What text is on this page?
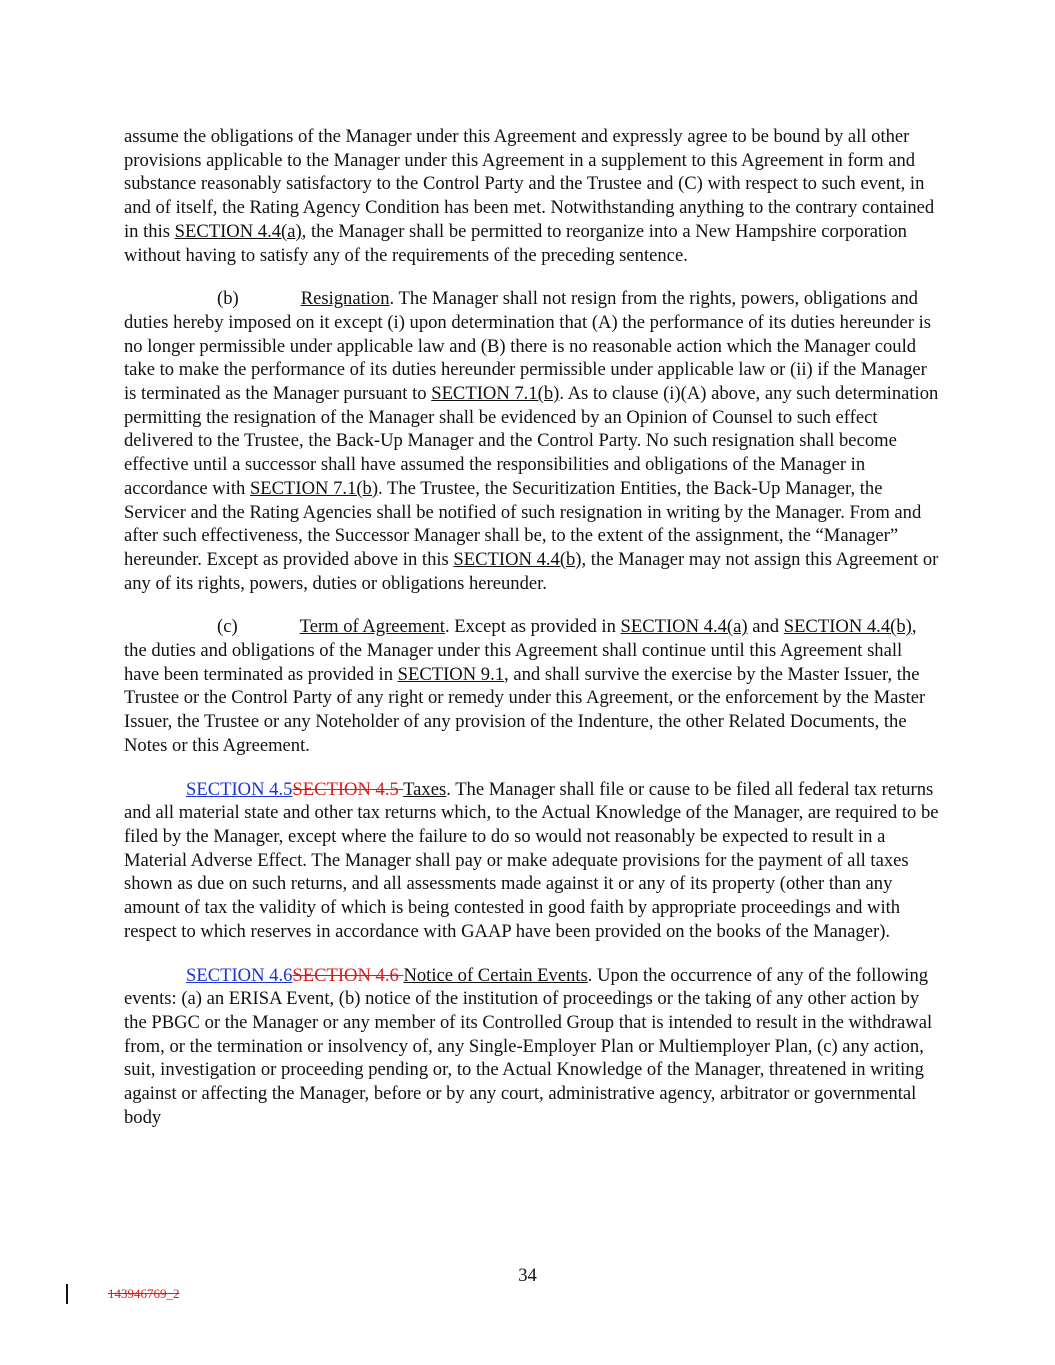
assume the obligations of the Manager under this Agreement and expressly agree to be bound by all other provisions applicable to the Manager under this Agreement in a supplement to this Agreement in form and substance reasonably satisfactory to the Control Party and the Trustee and (C) with respect to such event, in and of itself, the Rating Agency Condition has been met. Notwithstanding anything to the contrary contained in this SECTION 4.4(a), the Manager shall be permitted to reorganize into a New Hampshire corporation without having to satisfy any of the requirements of the preceding sentence.

(b)	Resignation. The Manager shall not resign from the rights, powers, obligations and duties hereby imposed on it except (i) upon determination that (A) the performance of its duties hereunder is no longer permissible under applicable law and (B) there is no reasonable action which the Manager could take to make the performance of its duties hereunder permissible under applicable law or (ii) if the Manager is terminated as the Manager pursuant to SECTION 7.1(b). As to clause (i)(A) above, any such determination permitting the resignation of the Manager shall be evidenced by an Opinion of Counsel to such effect delivered to the Trustee, the Back-Up Manager and the Control Party. No such resignation shall become effective until a successor shall have assumed the responsibilities and obligations of the Manager in accordance with SECTION 7.1(b). The Trustee, the Securitization Entities, the Back-Up Manager, the Servicer and the Rating Agencies shall be notified of such resignation in writing by the Manager. From and after such effectiveness, the Successor Manager shall be, to the extent of the assignment, the “Manager” hereunder. Except as provided above in this SECTION 4.4(b), the Manager may not assign this Agreement or any of its rights, powers, duties or obligations hereunder.

(c)	Term of Agreement. Except as provided in SECTION 4.4(a) and SECTION 4.4(b), the duties and obligations of the Manager under this Agreement shall continue until this Agreement shall have been terminated as provided in SECTION 9.1, and shall survive the exercise by the Master Issuer, the Trustee or the Control Party of any right or remedy under this Agreement, or the enforcement by the Master Issuer, the Trustee or any Noteholder of any provision of the Indenture, the other Related Documents, the Notes or this Agreement.

SECTION 4.5SECTION 4.5 Taxes. The Manager shall file or cause to be filed all federal tax returns and all material state and other tax returns which, to the Actual Knowledge of the Manager, are required to be filed by the Manager, except where the failure to do so would not reasonably be expected to result in a Material Adverse Effect. The Manager shall pay or make adequate provisions for the payment of all taxes shown as due on such returns, and all assessments made against it or any of its property (other than any amount of tax the validity of which is being contested in good faith by appropriate proceedings and with respect to which reserves in accordance with GAAP have been provided on the books of the Manager).

SECTION 4.6SECTION 4.6 Notice of Certain Events. Upon the occurrence of any of the following events: (a) an ERISA Event, (b) notice of the institution of proceedings or the taking of any other action by the PBGC or the Manager or any member of its Controlled Group that is intended to result in the withdrawal from, or the termination or insolvency of, any Single-Employer Plan or Multiemployer Plan, (c) any action, suit, investigation or proceeding pending or, to the Actual Knowledge of the Manager, threatened in writing against or affecting the Manager, before or by any court, administrative agency, arbitrator or governmental body

34
143946769_2
